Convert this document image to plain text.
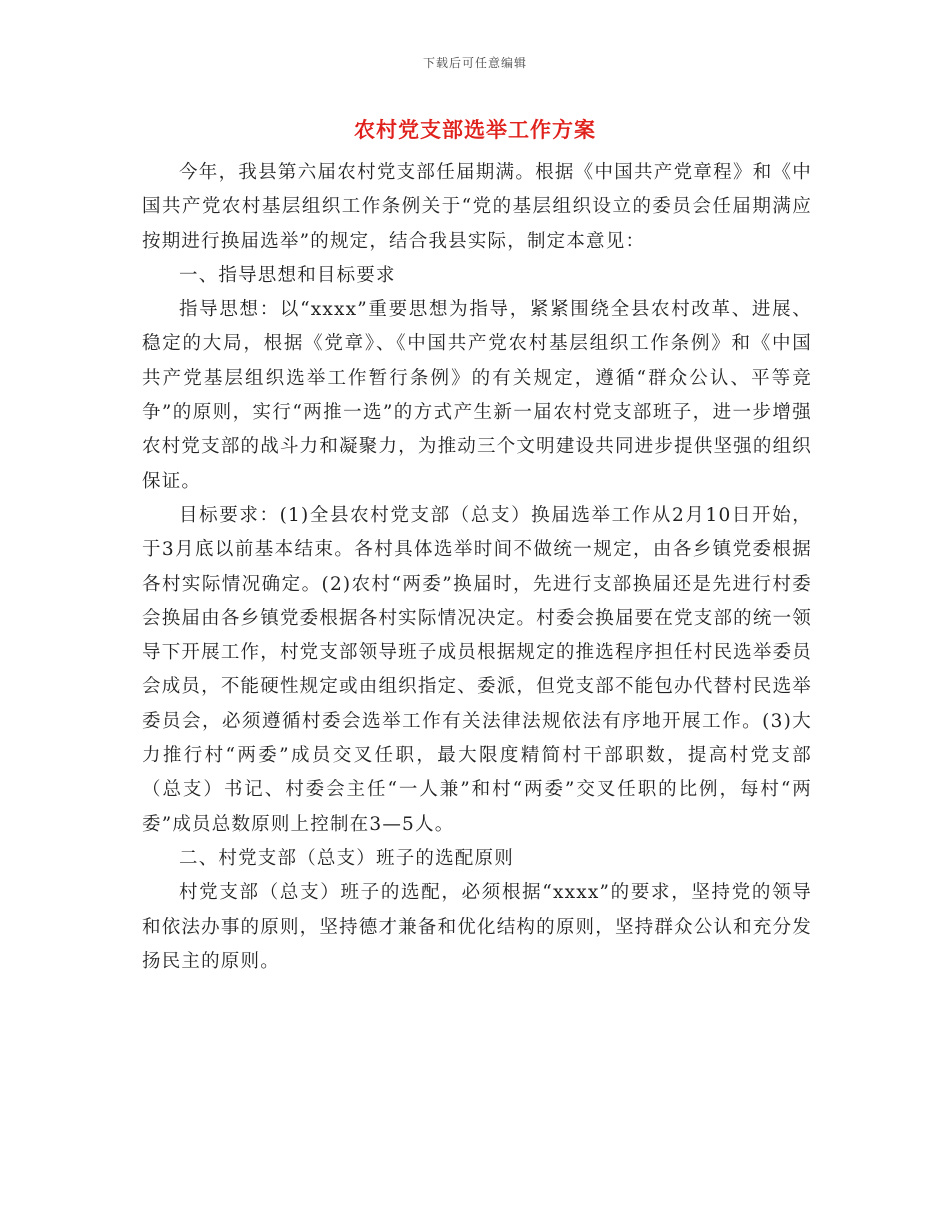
下载后可任意编辑
农村党支部选举工作方案

今年，我县第六届农村党支部任届期满。根据《中国共产党章程》和《中国共产党农村基层组织工作条例关于“党的基层组织设立的委员会任届期满应按期进行换届选举”的规定，结合我县实际，制定本意见：

一、指导思想和目标要求

指导思想：以“xxxx”重要思想为指导，紧紧围绕全县农村改革、进展、稳定的大局，根据《党章》、《中国共产党农村基层组织工作条例》和《中国共产党基层组织选举工作暂行条例》的有关规定，遵循“群众公认、平等竞争”的原则，实行“两推一选”的方式产生新一届农村党支部班子，进一步增强农村党支部的战斗力和凝聚力，为推动三个文明建设共同进步提供坚强的组织保证。

目标要求：(1)全县农村党支部（总支）换届选举工作从2月10日开始，于3月底以前基本结束。各村具体选举时间不做统一规定，由各乡镇党委根据各村实际情况确定。(2)农村“两委”换届时，先进行支部换届还是先进行村委会换届由各乡镇党委根据各村实际情况决定。村委会换届要在党支部的统一领导下开展工作，村党支部领导班子成员根据规定的推选程序担任村民选举委员会成员，不能硬性规定或由组织指定、委派，但党支部不能包办代替村民选举委员会，必须遵循村委会选举工作有关法律法规依法有序地开展工作。(3)大力推行村“两委”成员交叉任职，最大限度精简村干部职数，提高村党支部（总支）书记、村委会主任“一人兼”和村“两委”交叉任职的比例，每村“两委”成员总数原则上控制在3—5人。

二、村党支部（总支）班子的选配原则

村党支部（总支）班子的选配，必须根据“xxxx”的要求，坚持党的领导和依法办事的原则，坚持德才兼备和优化结构的原则，坚持群众公认和充分发扬民主的原则。
